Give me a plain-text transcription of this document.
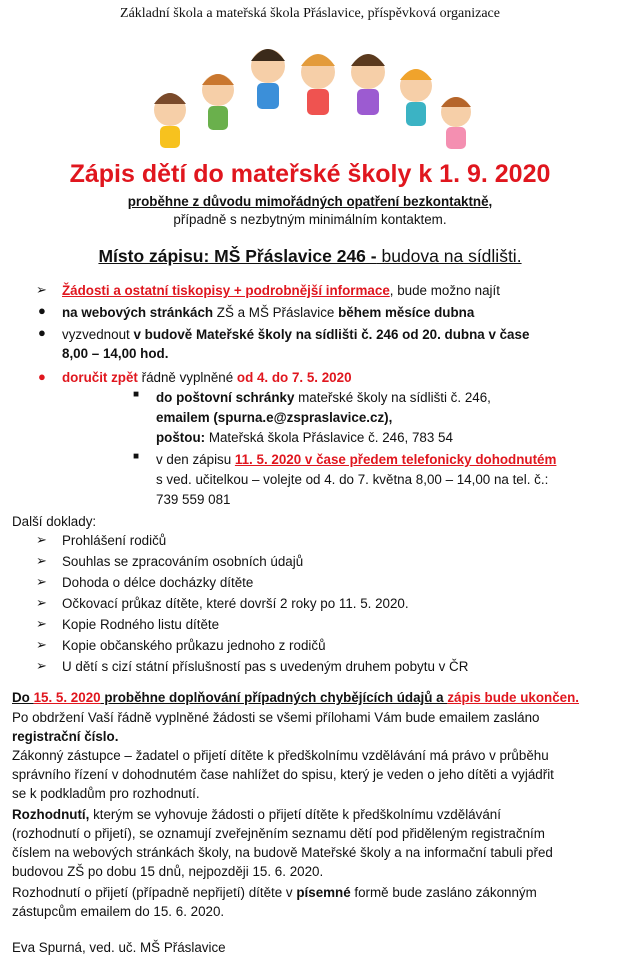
Základní škola a mateřská škola Přáslavice, příspěvková organizace
Zápis dětí do mateřské školy k 1. 9. 2020
proběhne z důvodu mimořádných opatření bezkontaktně,
případně s nezbytným minimálním kontaktem.
Místo zápisu: MŠ Přáslavice 246 - budova na sídlišti.
➢ Žádosti a ostatní tiskopisy + podrobnější informace, bude možno najít
● na webových stránkách ZŠ a MŠ Přáslavice během měsíce dubna
● vyzvednout v budově Mateřské školy na sídlišti č. 246 od 20. dubna v čase
8,00 – 14,00 hod.
● doručit zpět řádně vyplněné od 4. do 7. 5. 2020
■ do poštovní schránky mateřské školy na sídlišti č. 246,
emailem (spurna.e@zspraslavice.cz),
poštou: Mateřská škola Přáslavice č. 246, 783 54
■ v den zápisu 11. 5. 2020 v čase předem telefonicky dohodnutém
s ved. učitelkou – volejte od 4. do 7. května 8,00 – 14,00 na tel. č.:
739 559 081
Další doklady:
➢ Prohlášení rodičů
➢ Souhlas se zpracováním osobních údajů
➢ Dohoda o délce docházky dítěte
➢ Očkovací průkaz dítěte, které dovrší 2 roky po 11. 5. 2020.
➢ Kopie Rodného listu dítěte
➢ Kopie občanského průkazu jednoho z rodičů
➢ U dětí s cizí státní příslušností pas s uvedeným druhem pobytu v ČR
Do 15. 5. 2020 proběhne doplňování případných chybějících údajů a zápis bude ukončen.
Po obdržení Vaší řádně vyplněné žádosti se všemi přílohami Vám bude emailem zasláno
registrační číslo.
Zákonný zástupce – žadatel o přijetí dítěte k předškolnímu vzdělávání má právo v průběhu
správního řízení v dohodnutém čase nahlížet do spisu, který je veden o jeho dítěti a vyjádřit
se k podkladům pro rozhodnutí.
Rozhodnutí, kterým se vyhovuje žádosti o přijetí dítěte k předškolnímu vzdělávání
(rozhodnutí o přijetí), se oznamují zveřejněním seznamu dětí pod přiděleným registračním
číslem na webových stránkách školy, na budově Mateřské školy a na informační tabuli před
budovou ZŠ po dobu 15 dnů, nejpozději 15. 6. 2020.
Rozhodnutí o přijetí (případně nepřijetí) dítěte v písemné formě bude zasláno zákonným
zástupcům emailem do 15. 6. 2020.
Eva Spurná, ved. uč. MŠ Přáslavice
